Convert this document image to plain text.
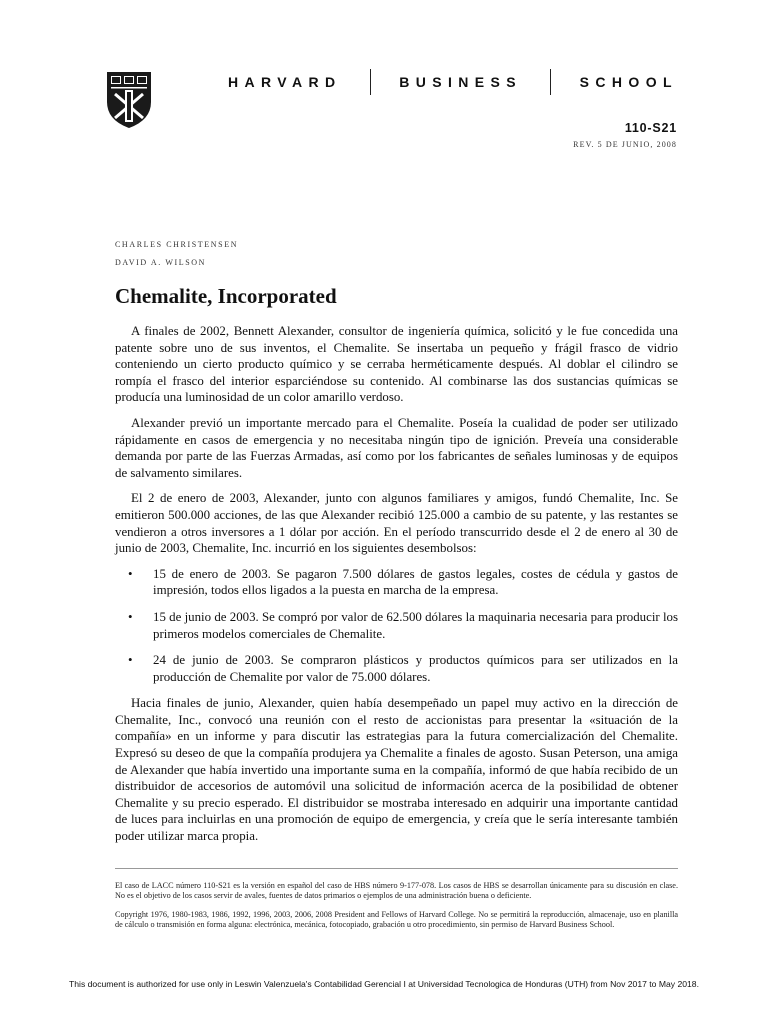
HARVARD	BUSINESS	SCHOOL
110-S21
REV. 5 DE JUNIO, 2008
CHARLES CHRISTENSEN
DAVID A. WILSON
Chemalite, Incorporated

A finales de 2002, Bennett Alexander, consultor de ingeniería química, solicitó y le fue concedida una patente sobre uno de sus inventos, el Chemalite. Se insertaba un pequeño y frágil frasco de vidrio conteniendo un cierto producto químico y se cerraba herméticamente después. Al doblar el cilindro se rompía el frasco del interior esparciéndose su contenido. Al combinarse las dos sustancias químicas se producía una luminosidad de un color amarillo verdoso.

Alexander previó un importante mercado para el Chemalite. Poseía la cualidad de poder ser utilizado rápidamente en casos de emergencia y no necesitaba ningún tipo de ignición. Preveía una considerable demanda por parte de las Fuerzas Armadas, así como por los fabricantes de señales luminosas y de equipos de salvamento similares.

El 2 de enero de 2003, Alexander, junto con algunos familiares y amigos, fundó Chemalite, Inc. Se emitieron 500.000 acciones, de las que Alexander recibió 125.000 a cambio de su patente, y las restantes se vendieron a otros inversores a 1 dólar por acción. En el período transcurrido desde el 2 de enero al 30 de junio de 2003, Chemalite, Inc. incurrió en los siguientes desembolsos:

• 15 de enero de 2003. Se pagaron 7.500 dólares de gastos legales, costes de cédula y gastos de impresión, todos ellos ligados a la puesta en marcha de la empresa.
• 15 de junio de 2003. Se compró por valor de 62.500 dólares la maquinaria necesaria para producir los primeros modelos comerciales de Chemalite.
• 24 de junio de 2003. Se compraron plásticos y productos químicos para ser utilizados en la producción de Chemalite por valor de 75.000 dólares.

Hacia finales de junio, Alexander, quien había desempeñado un papel muy activo en la dirección de Chemalite, Inc., convocó una reunión con el resto de accionistas para presentar la «situación de la compañía» en un informe y para discutir las estrategias para la futura comercialización del Chemalite. Expresó su deseo de que la compañía produjera ya Chemalite a finales de agosto. Susan Peterson, una amiga de Alexander que había invertido una importante suma en la compañía, informó de que había recibido de un distribuidor de accesorios de automóvil una solicitud de información acerca de la posibilidad de obtener Chemalite y su precio esperado. El distribuidor se mostraba interesado en adquirir una importante cantidad de luces para incluirlas en una promoción de equipo de emergencia, y creía que le sería interesante también poder utilizar marca propia.

El caso de LACC número 110-S21 es la versión en español del caso de HBS número 9-177-078. Los casos de HBS se desarrollan únicamente para su discusión en clase. No es el objetivo de los casos servir de avales, fuentes de datos primarios o ejemplos de una administración buena o deficiente.

Copyright 1976, 1980-1983, 1986, 1992, 1996, 2003, 2006, 2008 President and Fellows of Harvard College. No se permitirá la reproducción, almacenaje, uso en planilla de cálculo o transmisión en forma alguna: electrónica, mecánica, fotocopiado, grabación u otro procedimiento, sin permiso de Harvard Business School.

This document is authorized for use only in Leswin Valenzuela's Contabilidad Gerencial I at Universidad Tecnologica de Honduras (UTH) from Nov 2017 to May 2018.
